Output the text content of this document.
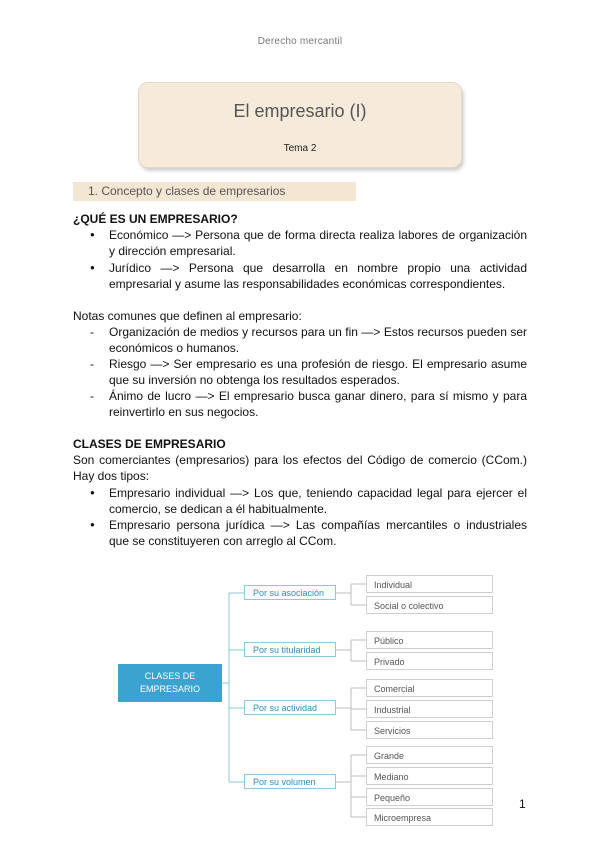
Derecho mercantil
El empresario (I)
Tema 2
1. Concepto y clases de empresarios
¿QUÉ ES UN EMPRESARIO?
● Económico —> Persona que de forma directa realiza labores de organización y dirección empresarial.
● Jurídico —> Persona que desarrolla en nombre propio una actividad empresarial y asume las responsabilidades económicas correspondientes.
Notas comunes que definen al empresario:
- Organización de medios y recursos para un fin —> Estos recursos pueden ser económicos o humanos.
- Riesgo —> Ser empresario es una profesión de riesgo. El empresario asume que su inversión no obtenga los resultados esperados.
- Ánimo de lucro —> El empresario busca ganar dinero, para sí mismo y para reinvertirlo en sus negocios.
CLASES DE EMPRESARIO
Son comerciantes (empresarios) para los efectos del Código de comercio (CCom.) Hay dos tipos:
● Empresario individual —> Los que, teniendo capacidad legal para ejercer el comercio, se dedican a él habitualmente.
● Empresario persona jurídica —> Las compañías mercantiles o industriales que se constituyeren con arreglo al CCom.
CLASES DE EMPRESARIO
Por su asociación
Individual
Social o colectivo
Por su titularidad
Público
Privado
Por su actividad
Comercial
Industrial
Servicios
Por su volumen
Grande
Mediano
Pequeño
Microempresa
1
